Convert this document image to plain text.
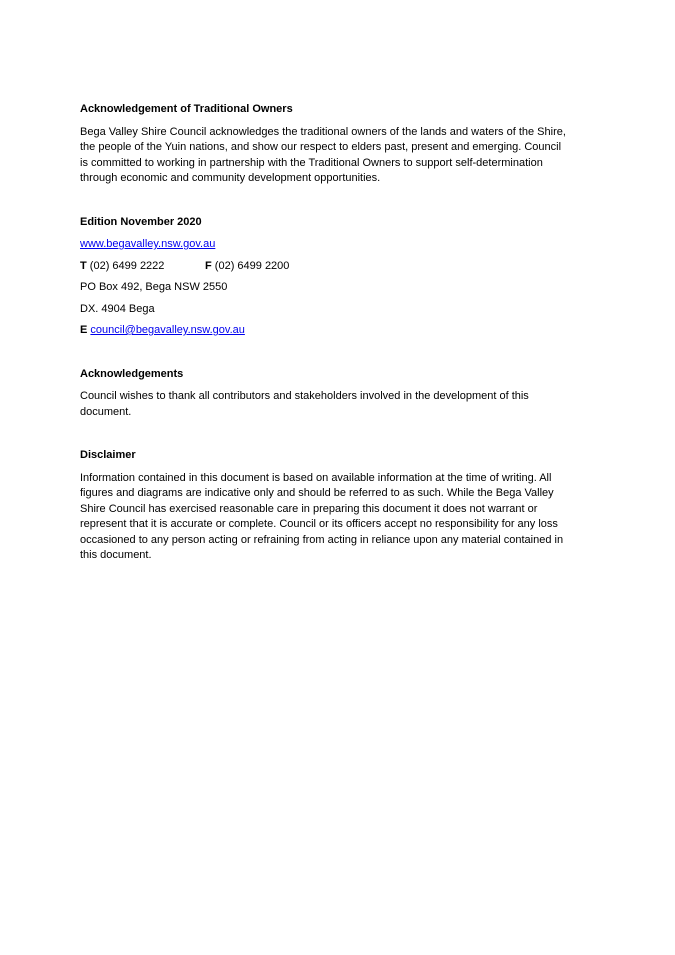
Acknowledgement of Traditional Owners

Bega Valley Shire Council acknowledges the traditional owners of the lands and waters of the Shire, the people of the Yuin nations, and show our respect to elders past, present and emerging. Council is committed to working in partnership with the Traditional Owners to support self-determination through economic and community development opportunities.

Edition November 2020

www.begavalley.nsw.gov.au

T (02) 6499 2222	F (02) 6499 2200

PO Box 492, Bega NSW 2550

DX. 4904 Bega

E council@begavalley.nsw.gov.au

Acknowledgements

Council wishes to thank all contributors and stakeholders involved in the development of this document.

Disclaimer

Information contained in this document is based on available information at the time of writing. All figures and diagrams are indicative only and should be referred to as such. While the Bega Valley Shire Council has exercised reasonable care in preparing this document it does not warrant or represent that it is accurate or complete. Council or its officers accept no responsibility for any loss occasioned to any person acting or refraining from acting in reliance upon any material contained in this document.
